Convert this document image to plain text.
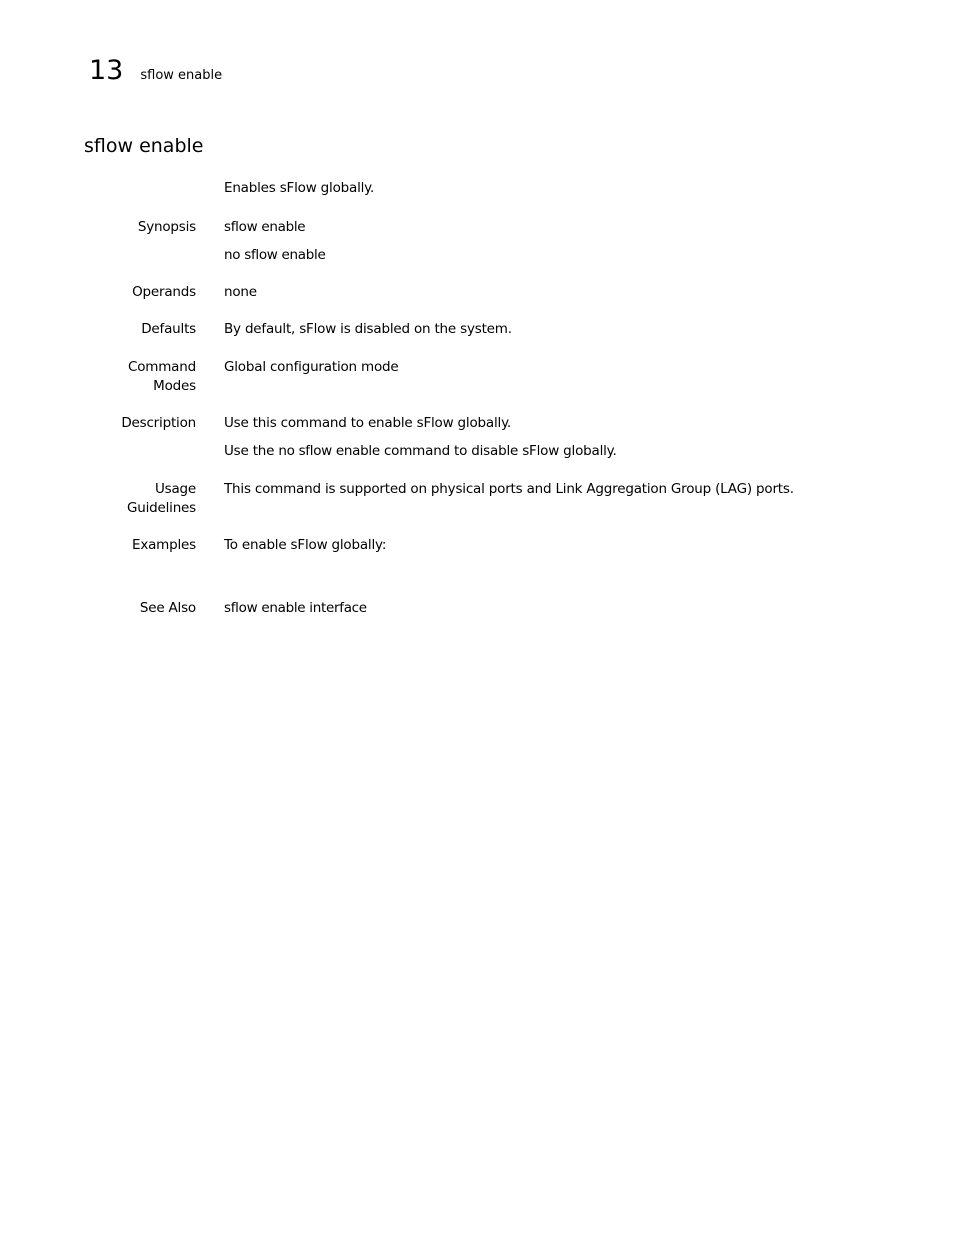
13 sflow enable
sflow enable
Enables sFlow globally.
Synopsis sflow enable

no sflow enable

Operands none
Defaults By default, sFlow is disabled on the system.
Command
Modes
Global configuration mode
Description Use this command to enable sFlow globally.

Use the no sflow enable command to disable sFlow globally.

Usage
Guidelines
This command is supported on physical ports and Link Aggregation Group (LAG) ports.
Examples To enable sFlow globally:
See Also sflow enable interface
